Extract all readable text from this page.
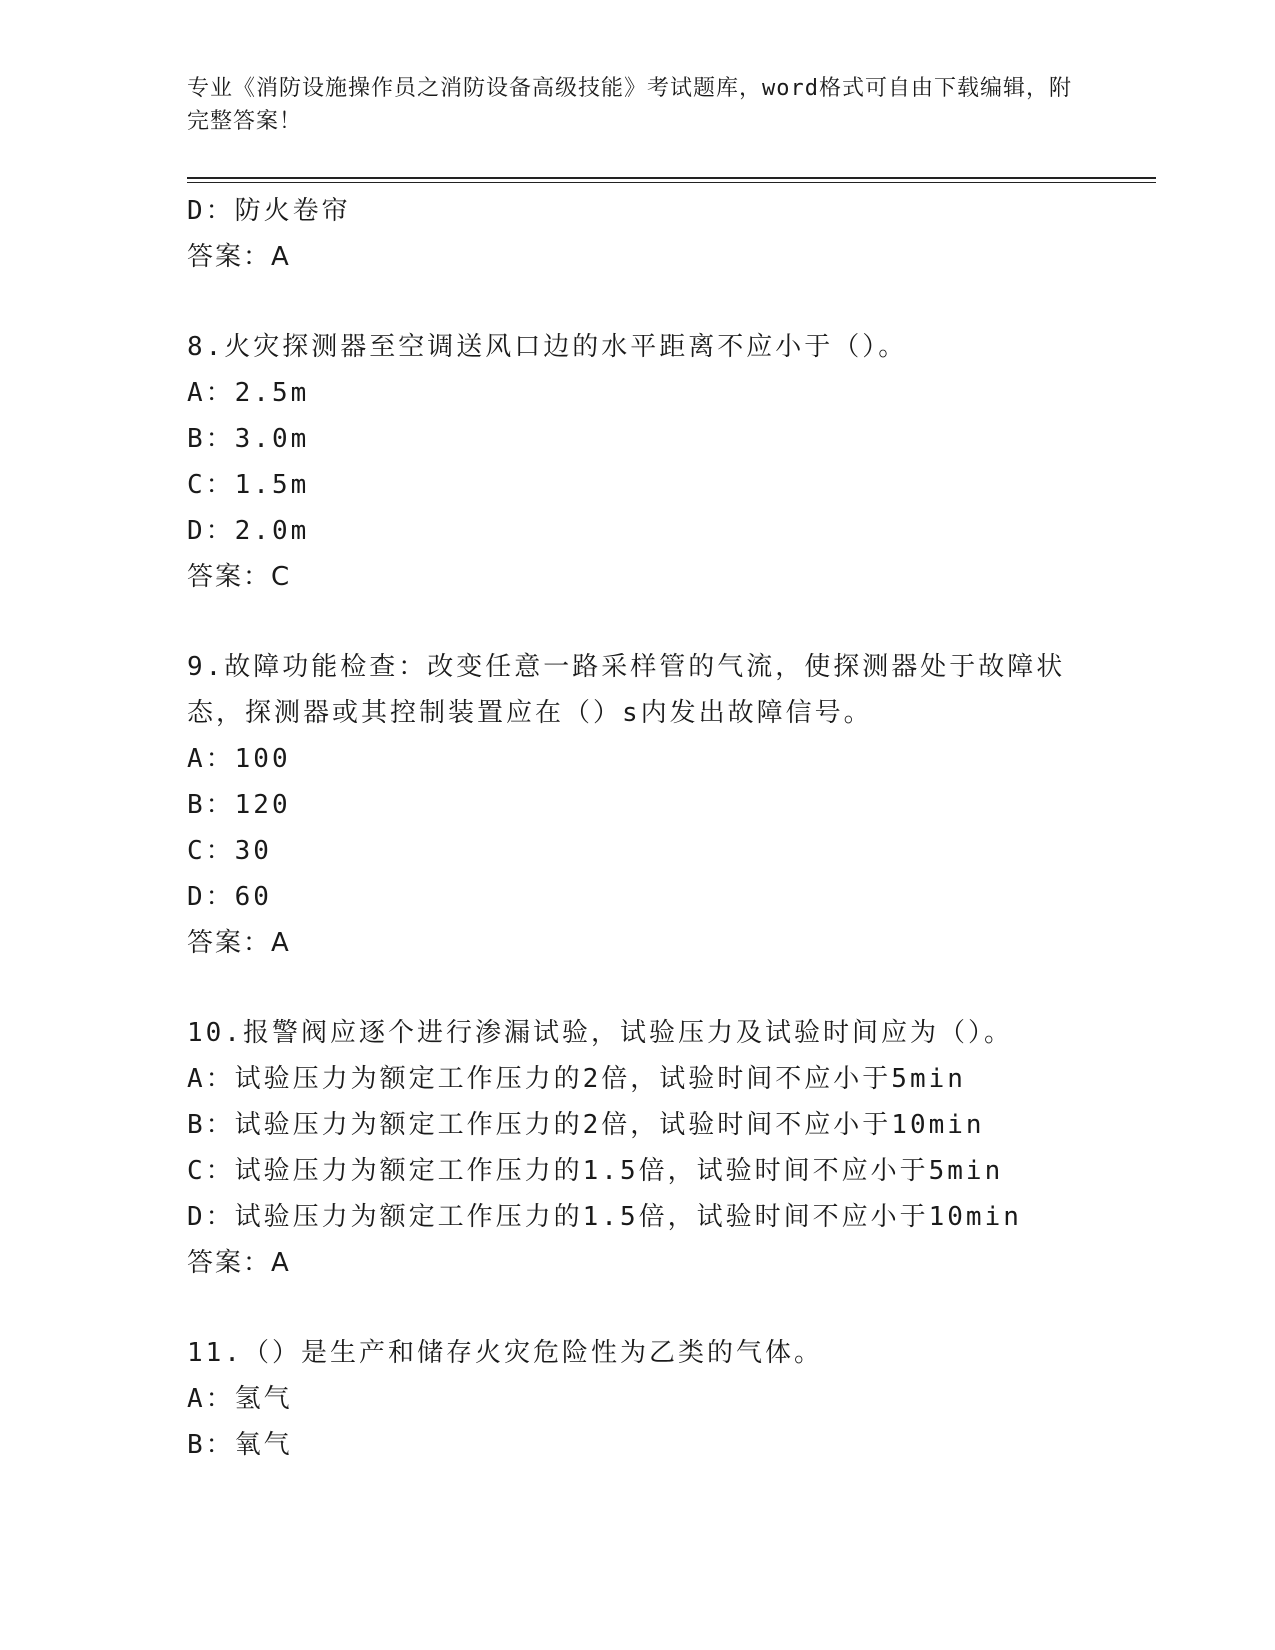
专业《消防设施操作员之消防设备高级技能》考试题库，word格式可自由下载编辑，附完整答案！
D：防火卷帘
答案：A
8.火灾探测器至空调送风口边的水平距离不应小于（）。
A：2.5m
B：3.0m
C：1.5m
D：2.0m
答案：C
9.故障功能检查：改变任意一路采样管的气流，使探测器处于故障状态，探测器或其控制装置应在（）s内发出故障信号。
A：100
B：120
C：30
D：60
答案：A
10.报警阀应逐个进行渗漏试验，试验压力及试验时间应为（）。
A：试验压力为额定工作压力的2倍，试验时间不应小于5min
B：试验压力为额定工作压力的2倍，试验时间不应小于10min
C：试验压力为额定工作压力的1.5倍，试验时间不应小于5min
D：试验压力为额定工作压力的1.5倍，试验时间不应小于10min
答案：A
11.（）是生产和储存火灾危险性为乙类的气体。
A：氢气
B：氧气
